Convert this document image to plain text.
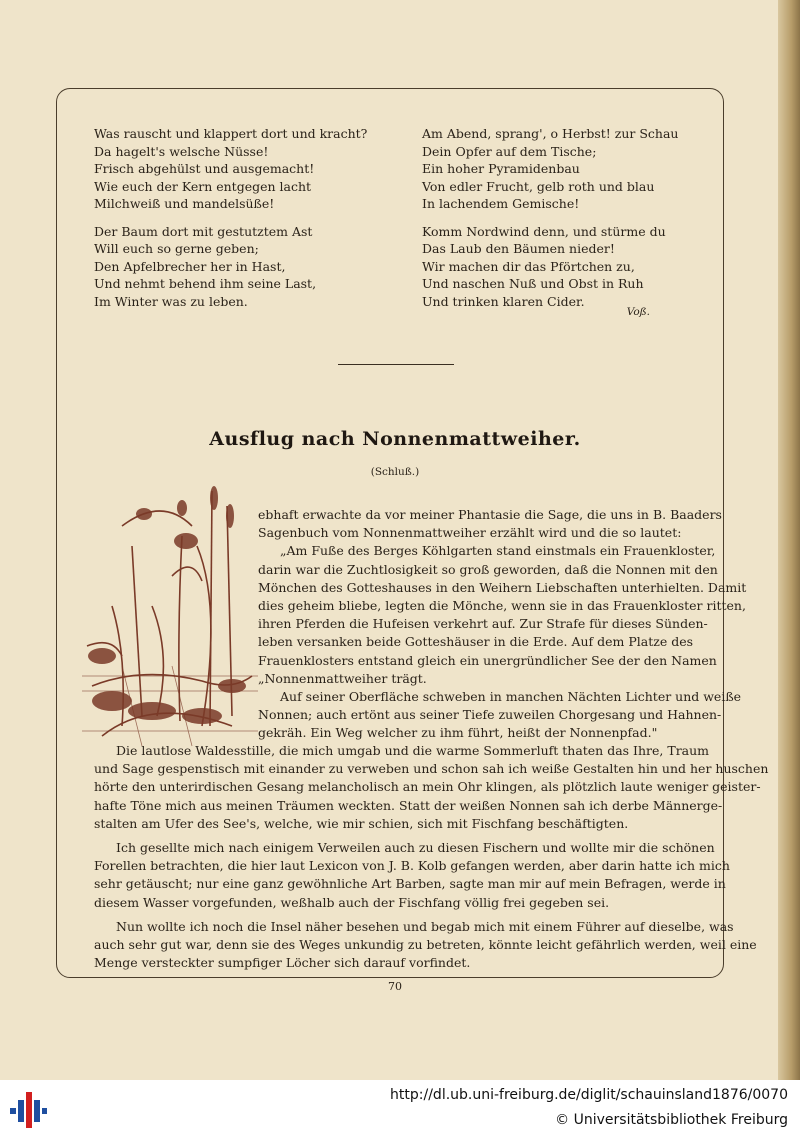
Was rauscht und klappert dort und kracht?
Da hagelt's welsche Nüsse!
Frisch abgehülst und ausgemacht!
Wie euch der Kern entgegen lacht
Milchweiß und mandelsüße!
Der Baum dort mit gestutztem Ast
Will euch so gerne geben;
Den Apfelbrecher her in Hast,
Und nehmt behend ihm seine Last,
Im Winter was zu leben.
Am Abend, sprang', o Herbst! zur Schau
Dein Opfer auf dem Tische;
Ein hoher Pyramidenbau
Von edler Frucht, gelb roth und blau
In lachendem Gemische!
Komm Nordwind denn, und stürme du
Das Laub den Bäumen nieder!
Wir machen dir das Pförtchen zu,
Und naschen Nuß und Obst in Ruh
Und trinken klaren Cider.
Voß.
Ausflug nach Nonnenmattweiher.
(Schluß.)
ebhaft erwachte da vor meiner Phantasie die Sage, die uns in B. Baaders
Sagenbuch vom Nonnenmattweiher erzählt wird und die so lautet:
„Am Fuße des Berges Köhlgarten stand einstmals ein Frauenkloster,
darin war die Zuchtlosigkeit so groß geworden, daß die Nonnen mit den
Mönchen des Gotteshauses in den Weihern Liebschaften unterhielten. Damit
dies geheim bliebe, legten die Mönche, wenn sie in das Frauenkloster ritten,
ihren Pferden die Hufeisen verkehrt auf. Zur Strafe für dieses Sünden-
leben versanken beide Gotteshäuser in die Erde. Auf dem Platze des
Frauenklosters entstand gleich ein unergründlicher See der den Namen
„Nonnenmattweiher trägt.
Auf seiner Oberfläche schweben in manchen Nächten Lichter und weiße
Nonnen; auch ertönt aus seiner Tiefe zuweilen Chorgesang und Hahnen-
gekräh. Ein Weg welcher zu ihm führt, heißt der Nonnenpfad."
Die lautlose Waldesstille, die mich umgab und die warme Sommerluft thaten das Ihre, Traum
und Sage gespenstisch mit einander zu verweben und schon sah ich weiße Gestalten hin und her huschen
hörte den unterirdischen Gesang melancholisch an mein Ohr klingen, als plötzlich laute weniger geister-
hafte Töne mich aus meinen Träumen weckten. Statt der weißen Nonnen sah ich derbe Männerge-
stalten am Ufer des See's, welche, wie mir schien, sich mit Fischfang beschäftigten.
Ich gesellte mich nach einigem Verweilen auch zu diesen Fischern und wollte mir die schönen
Forellen betrachten, die hier laut Lexicon von J. B. Kolb gefangen werden, aber darin hatte ich mich
sehr getäuscht; nur eine ganz gewöhnliche Art Barben, sagte man mir auf mein Befragen, werde in
diesem Wasser vorgefunden, weßhalb auch der Fischfang völlig frei gegeben sei.
Nun wollte ich noch die Insel näher besehen und begab mich mit einem Führer auf dieselbe, was
auch sehr gut war, denn sie des Weges unkundig zu betreten, könnte leicht gefährlich werden, weil eine
Menge versteckter sumpfiger Löcher sich darauf vorfindet.
70
http://dl.ub.uni-freiburg.de/diglit/schauinsland1876/0070
© Universitätsbibliothek Freiburg
